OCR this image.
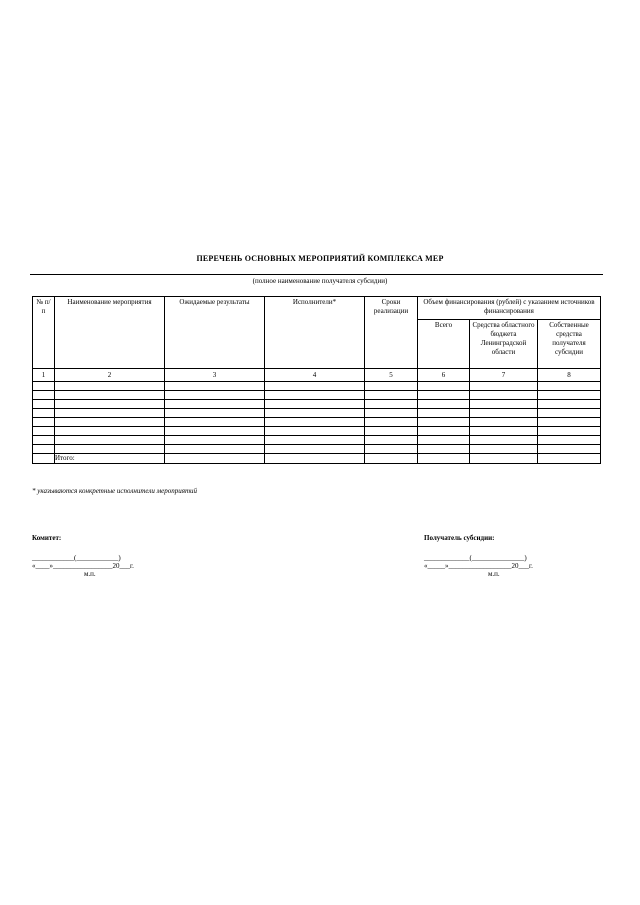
ПЕРЕЧЕНЬ ОСНОВНЫХ МЕРОПРИЯТИЙ КОМПЛЕКСА МЕР
(полное наименование получателя субсидии)
№ п/п	Наименование мероприятия	Ожидаемые результаты	Исполнители*	Сроки реализации	Объем финансирования (рублей) с указанием источников финансирования		
					Всего	Средства областного бюджета Ленинградской области	Собственные средства получателя субсидии
1	2	3	4	5	6	7	8

	Итого:						
* указываются конкретные исполнители мероприятий
Комитет:
____________(____________)
«____»_________________20___г.
м.п.
Получатель субсидии:
_____________(_______________)
«_____»__________________20___г.
м.п.
